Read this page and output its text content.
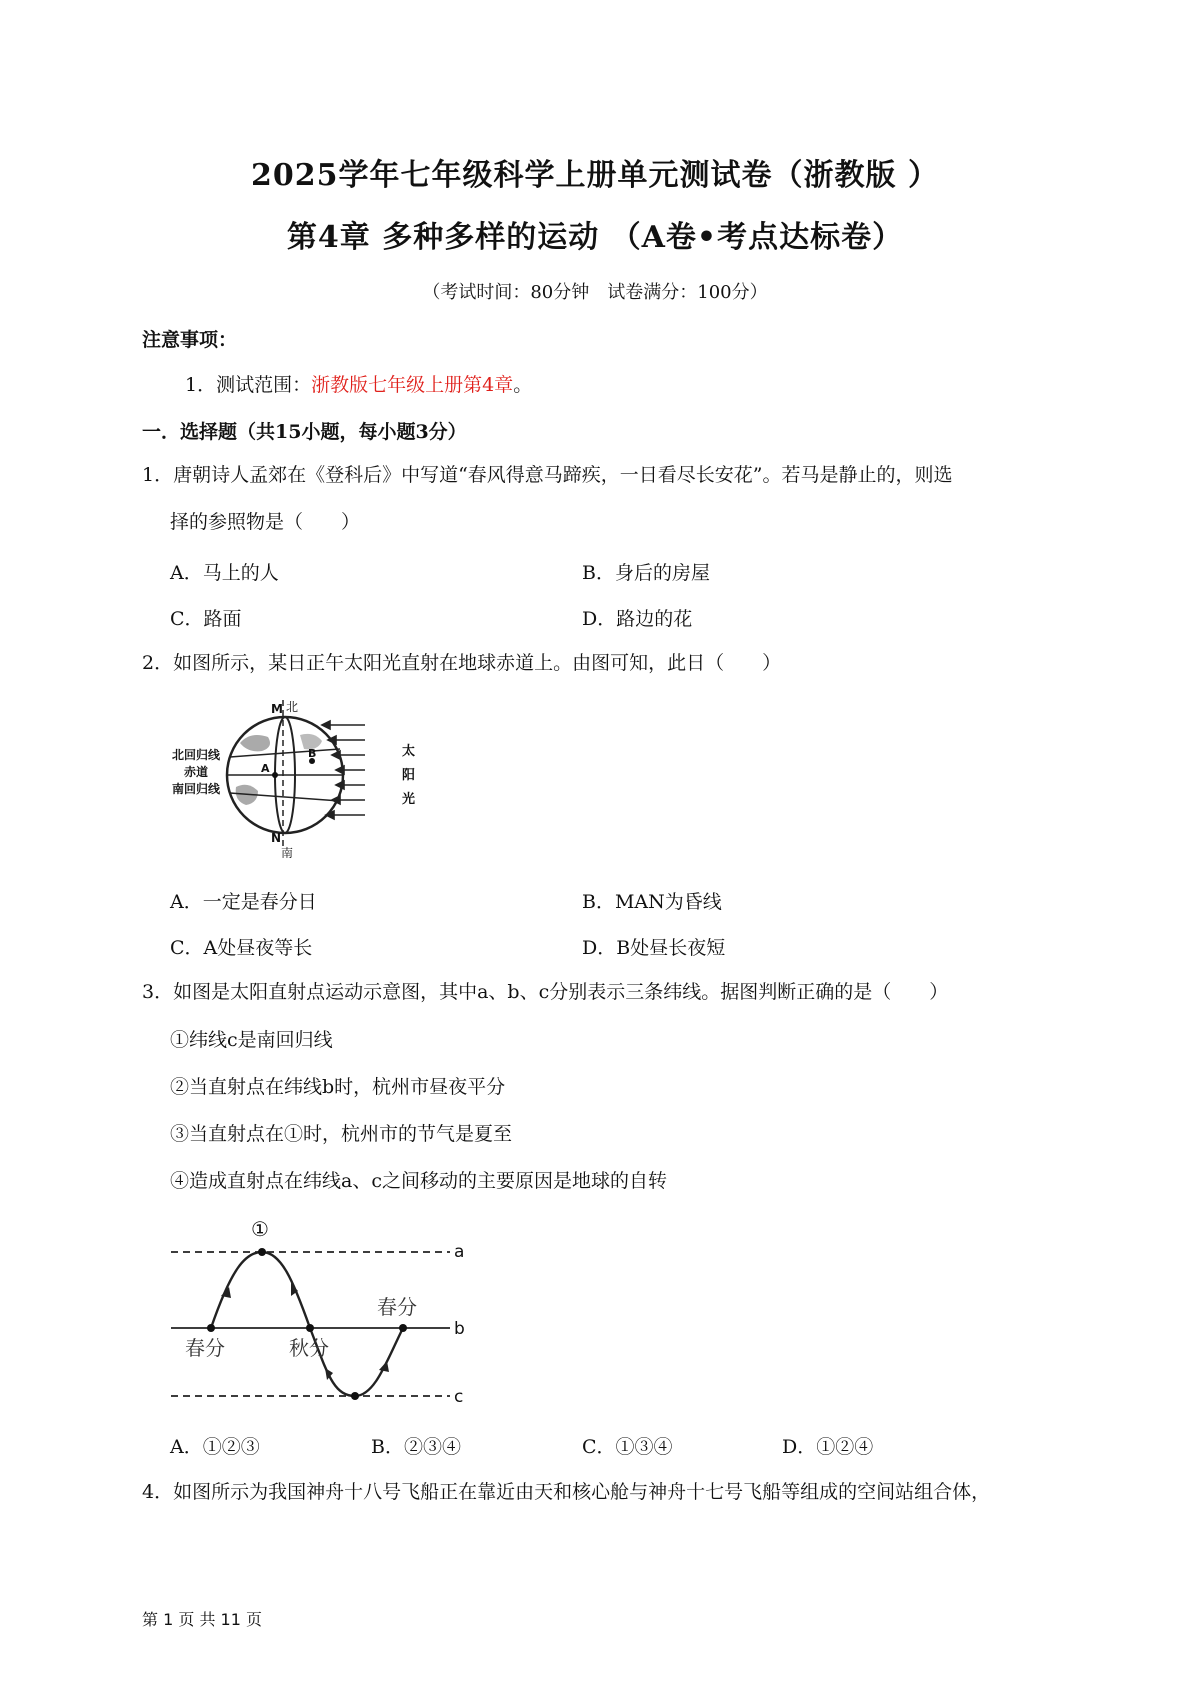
2025学年七年级科学上册单元测试卷（浙教版 ）
第4章 多种多样的运动 （A卷•考点达标卷）
（考试时间：80分钟　试卷满分：100分）
注意事项：
1．测试范围：浙教版七年级上册第4章。
一．选择题（共15小题，每小题3分）
1．唐朝诗人孟郊在《登科后》中写道“春风得意马蹄疾，一日看尽长安花”。若马是静止的，则选
择的参照物是（　　）
A．马上的人	B．身后的房屋
C．路面	D．路边的花
2．如图所示，某日正午太阳光直射在地球赤道上。由图可知，此日（　　）
北
M
N
南
A
B
北回归线
赤道
南回归线
太
阳
光
A．一定是春分日	B．MAN为昏线
C．A处昼夜等长	D．B处昼长夜短
3．如图是太阳直射点运动示意图，其中a、b、c分别表示三条纬线。据图判断正确的是（　　）
①纬线c是南回归线
②当直射点在纬线b时，杭州市昼夜平分
③当直射点在①时，杭州市的节气是夏至
④造成直射点在纬线a、c之间移动的主要原因是地球的自转
①
a
b
c
春分	秋分
春分
A．①②③	B．②③④	C．①③④	D．①②④
4．如图所示为我国神舟十八号飞船正在靠近由天和核心舱与神舟十七号飞船等组成的空间站组合体，
第 1 页 共 11 页
